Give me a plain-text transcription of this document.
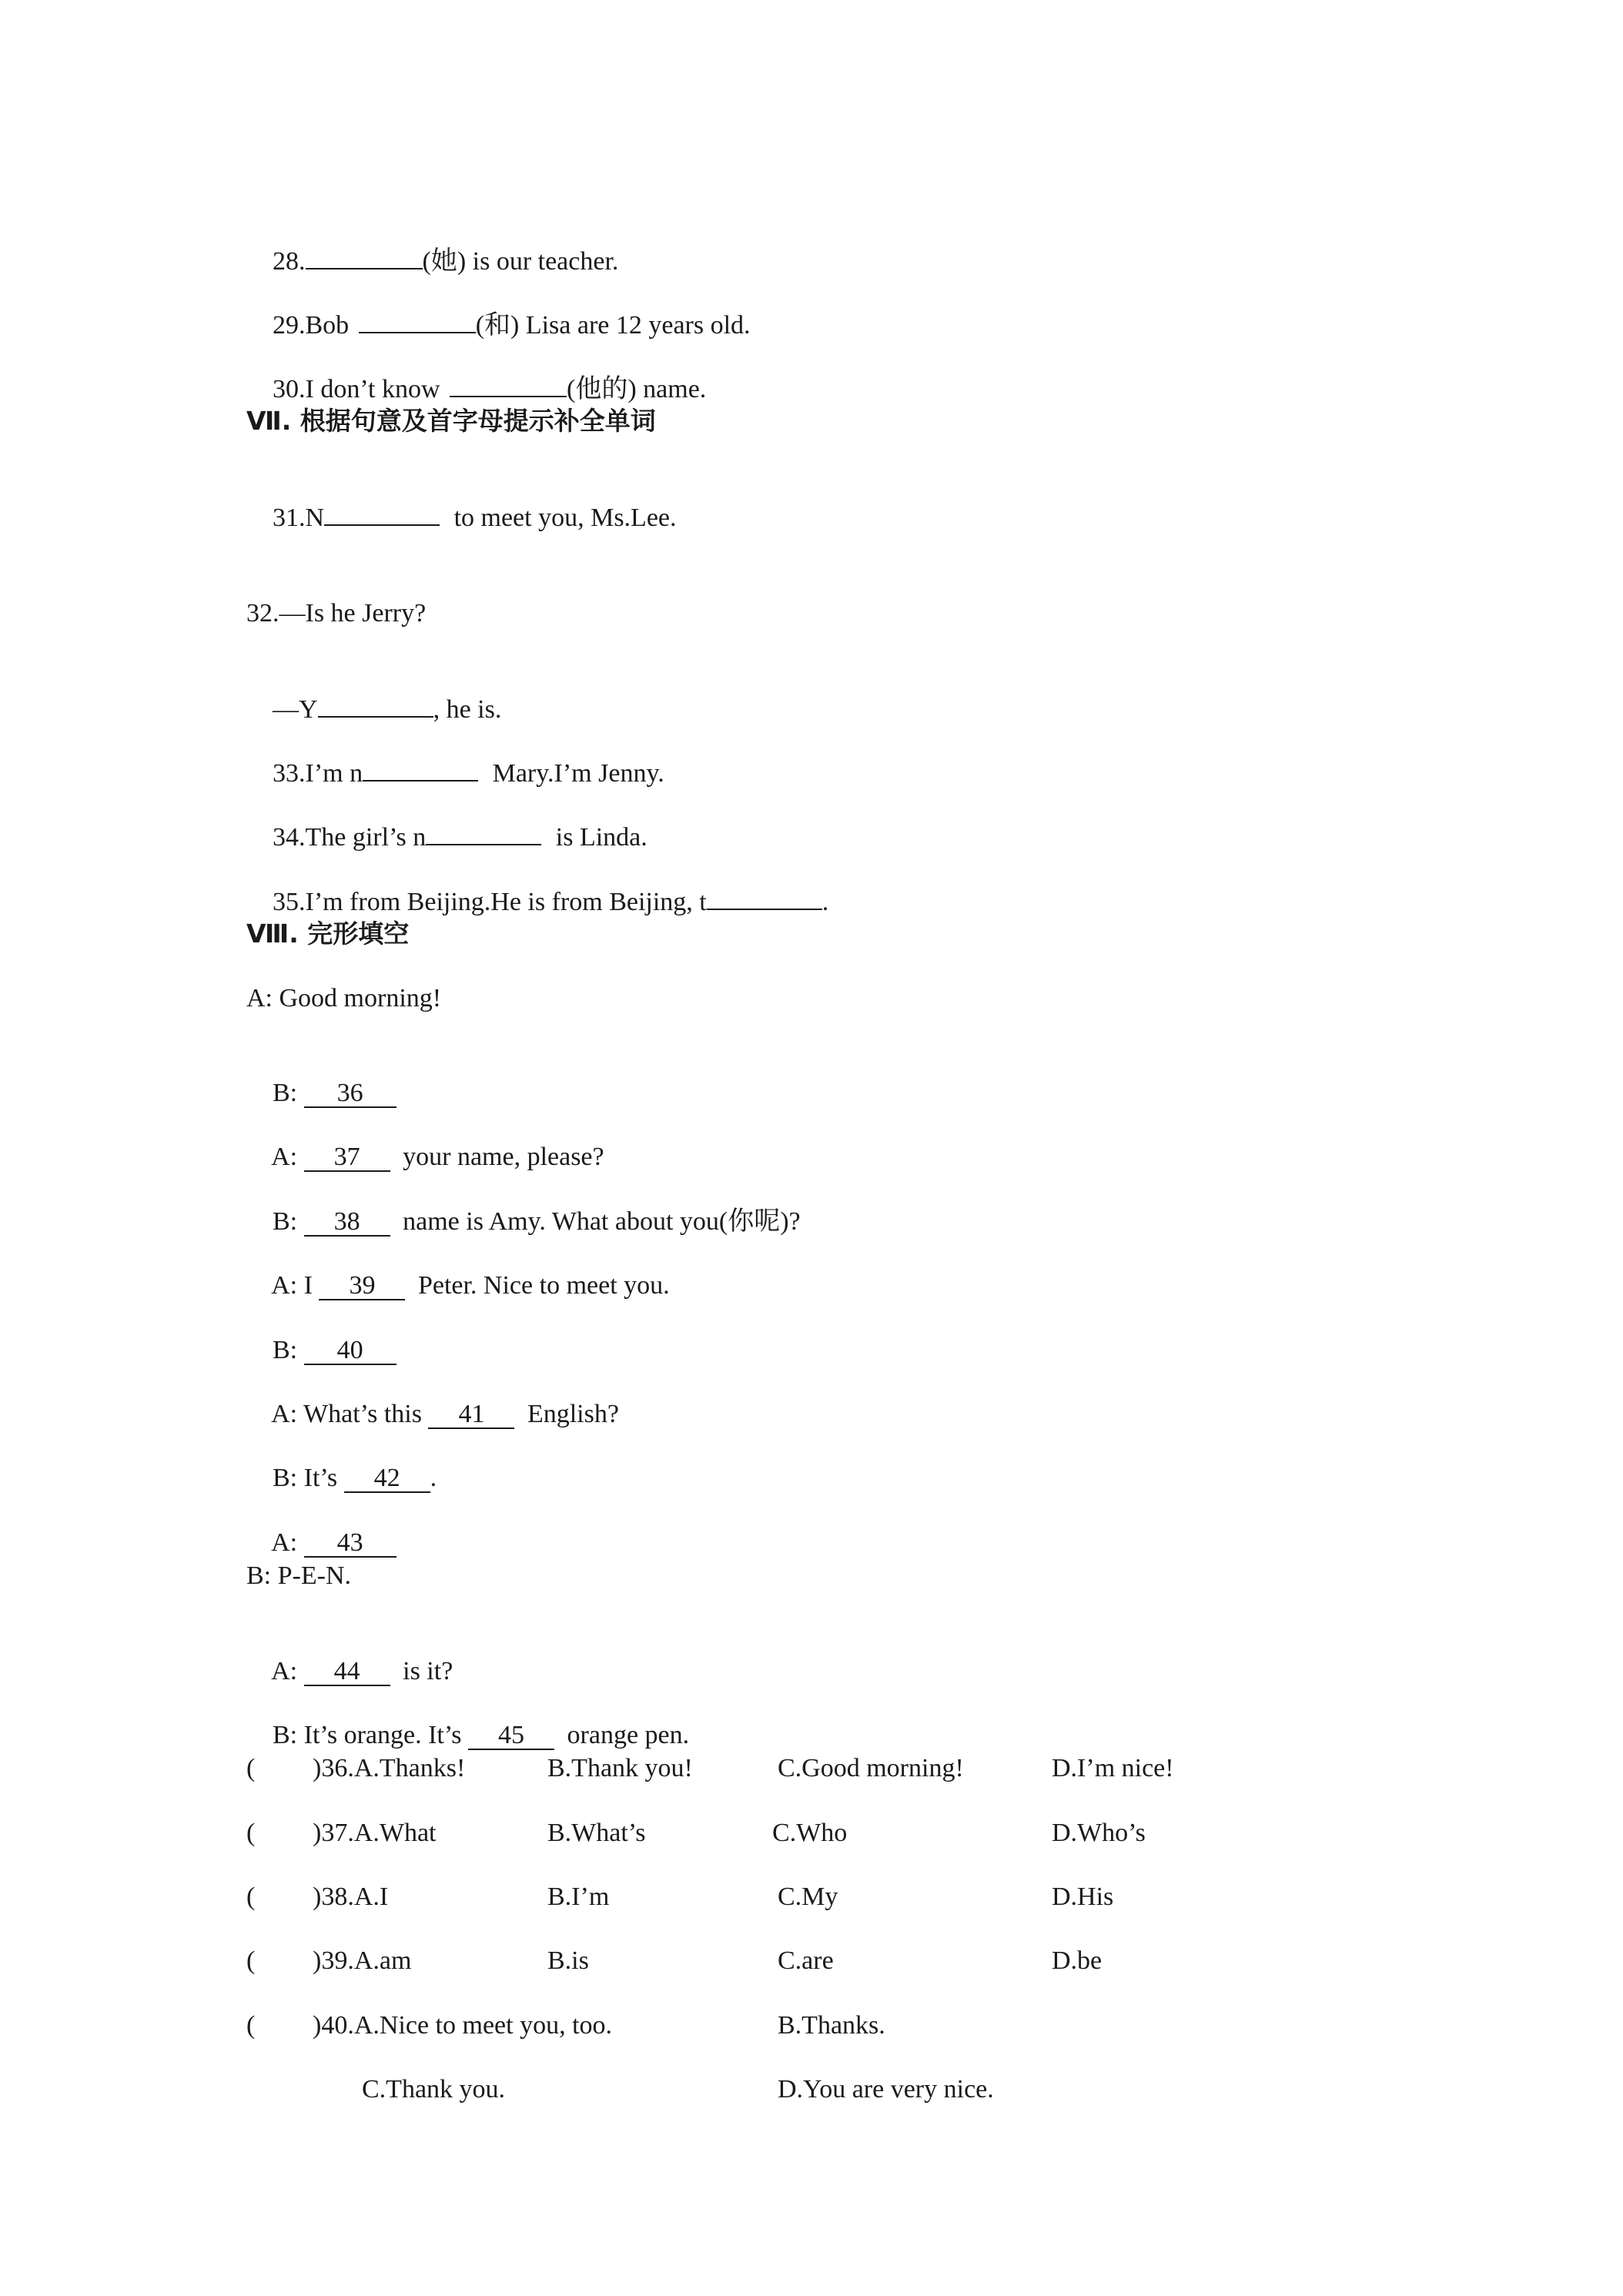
28.	(她) is our teacher.

29.Bob	(和) Lisa are 12 years old.

30.I don’t know	(他的) name.

Ⅶ. 根据句意及首字母提示补全单词

31.N	to meet you, Ms.Lee.

32.—Is he Jerry?

—Y	, he is.

33.I’m n	Mary.I’m Jenny.

34.The girl’s n	is Linda.

35.I’m from Beijing.He is from Beijing, t	.

Ⅷ. 完形填空
A: Good morning!

B: 36

A: 37 your name, please?

B: 38 name is Amy. What about you(你呢)?

A: I 39 Peter. Nice to meet you.

B: 40

A: What’s this 41 English?

B: It’s 42 .

A: 43

B: P-E-N.

A: 44 is it?

B: It’s orange. It’s 45 orange pen.

( )36.A.Thanks!	B.Thank you!	C.Good morning!	D.I’m nice!
( )37.A.What	B.What’s	C.Who	D.Who’s
( )38.A.I	B.I’m	C.My	D.His
( )39.A.am	B.is	C.are	D.be
( )40.A.Nice to meet you, too.	B.Thanks.
C.Thank you.	D.You are very nice.
